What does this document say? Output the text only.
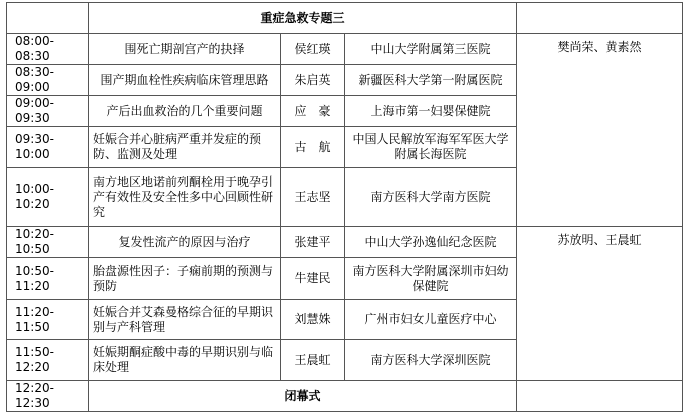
	重症急救专题三			
08:00-08:30	围死亡期剖宫产的抉择	侯红瑛	中山大学附属第三医院	樊尚荣、黄素然
08:30-09:00	围产期血栓性疾病临床管理思路	朱启英	新疆医科大学第一附属医院	
09:00-09:30	产后出血救治的几个重要问题	应　豪	上海市第一妇婴保健院	
09:30-10:00	妊娠合并心脏病严重并发症的预防、监测及处理	古　航	中国人民解放军海军军医大学附属长海医院	
10:00-10:20	南方地区地诺前列酮栓用于晚孕引产有效性及安全性多中心回顾性研究	王志坚	南方医科大学南方医院	
10:20-10:50	复发性流产的原因与治疗	张建平	中山大学孙逸仙纪念医院	苏放明、王晨虹
10:50-11:20	胎盘源性因子：子痫前期的预测与预防	牛建民	南方医科大学附属深圳市妇幼保健院	
11:20-11:50	妊娠合并艾森曼格综合征的早期识别与产科管理	刘慧姝	广州市妇女儿童医疗中心	
11:50-12:20	妊娠期酮症酸中毒的早期识别与临床处理	王晨虹	南方医科大学深圳医院	
12:20-12:30	闭幕式			
